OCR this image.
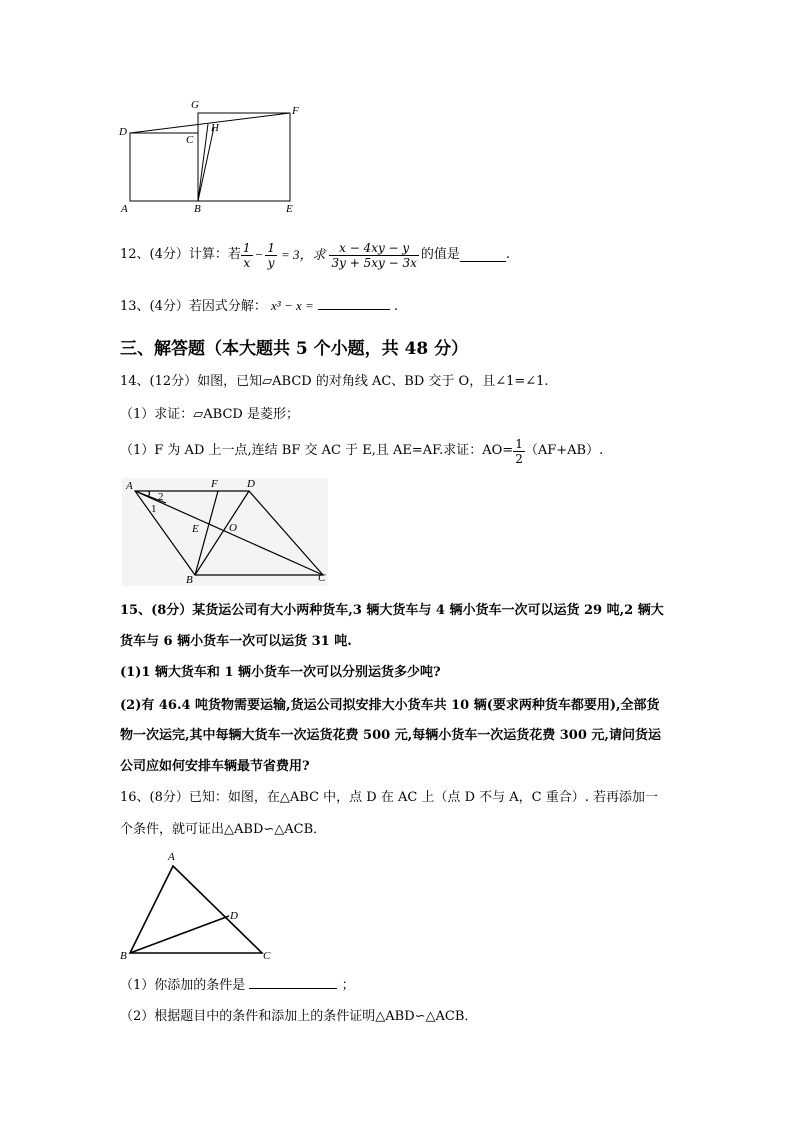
G	F
D	H
C
A	B	E
12、(4分）计算：若 $\frac{1}{x} - \frac{1}{y} = 3$，求 $\frac{x - 4xy - y}{3y + 5xy - 3x}$ 的值是	.
13、(4分）若因式分解： x³ − x =	.
三、解答题（本大题共 5 个小题，共 48 分）
14、(12分）如图，已知▱ABCD 的对角线 AC、BD 交于 O，且∠1=∠1.
（1）求证：▱ABCD 是菱形；
（1）F 为 AD 上一点,连结 BF 交 AC 于 E,且 AE=AF.求证：$AO= \frac{1}{2} (AF+AB)$.
A	F	D
2
1
E	O
B	C
15、(8分）某货运公司有大小两种货车,3 辆大货车与 4 辆小货车一次可以运货 29 吨,2 辆大
货车与 6 辆小货车一次可以运货 31 吨.
(1)1 辆大货车和 1 辆小货车一次可以分别运货多少吨?
(2)有 46.4 吨货物需要运输,货运公司拟安排大小货车共 10 辆(要求两种货车都要用),全部货
物一次运完,其中每辆大货车一次运货花费 500 元,每辆小货车一次运货花费 300 元,请问货运
公司应如何安排车辆最节省费用?
16、(8分）已知：如图，在△ABC 中，点 D 在 AC 上（点 D 不与 A，C 重合）. 若再添加一
个条件，就可证出△ABD∽△ACB．
A
D
B	C
（1）你添加的条件是	；
（2）根据题目中的条件和添加上的条件证明△ABD∽△ACB．
